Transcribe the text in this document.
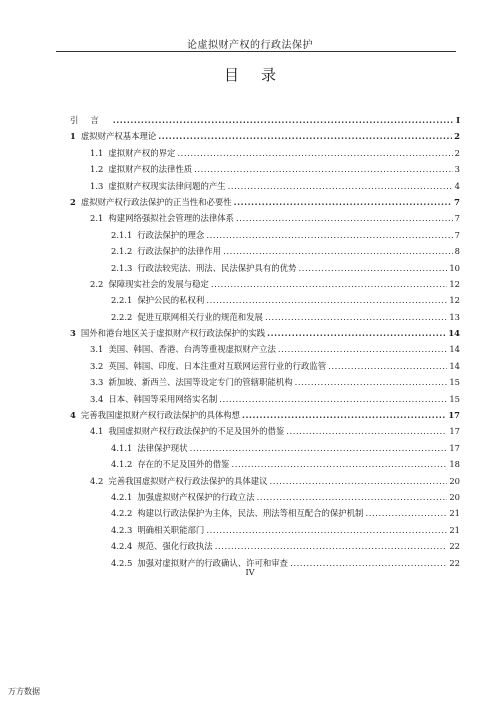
论虚拟财产权的行政法保护
目录
引言 .....	I
1 虚拟财产权基本理论 .....	2
1.1 虚拟财产权的界定 .....	2
1.2 虚拟财产权的法律性质 .....	3
1.3 虚拟财产权现实法律问题的产生 .....	4
2 虚拟财产权行政法保护的正当性和必要性 .....	7
2.1 构建网络强拟社会管理的法律体系 .....	7
2.1.1 行政法保护的理念 .....	7
2.1.2 行政法保护的法律作用 .....	8
2.1.3 行政法较宪法、刑法、民法保护具有的优势 .....	10
2.2 保障现实社会的发展与稳定 .....	12
2.2.1 保护公民的私权利 .....	12
2.2.2 促进互联网相关行业的规范和发展 .....	13
3 国外和港台地区关于虚拟财产权行政法保护的实践 .....	14
3.1 美国、韩国、香港、台湾等重视虚拟财产立法 .....	14
3.2 英国、韩国、印度、日本注重对互联网运营行业的行政监管 .....	14
3.3 新加坡、新西兰、法国等设定专门的管辖职能机构 .....	15
3.4 日本、韩国等采用网络实名制 .....	15
4 完善我国虚拟财产权行政法保护的具体构想 .....	17
4.1 我国虚拟财产权行政法保护的不足及国外的借鉴 .....	17
4.1.1 法律保护现状 .....	17
4.1.2 存在的不足及国外的借鉴 .....	18
4.2 完善我国虚拟财产权行政法保护的具体建议 .....	20
4.2.1 加强虚拟财产权保护的行政立法 .....	20
4.2.2 构建以行政法保护为主体，民法、刑法等相互配合的保护机制 .....	21
4.2.3 明确相关职能部门 .....	21
4.2.4 规范、强化行政执法 .....	22
4.2.5 加强对虚拟财产的行政确认、许可和审查 .....	22
IV
万方数据
